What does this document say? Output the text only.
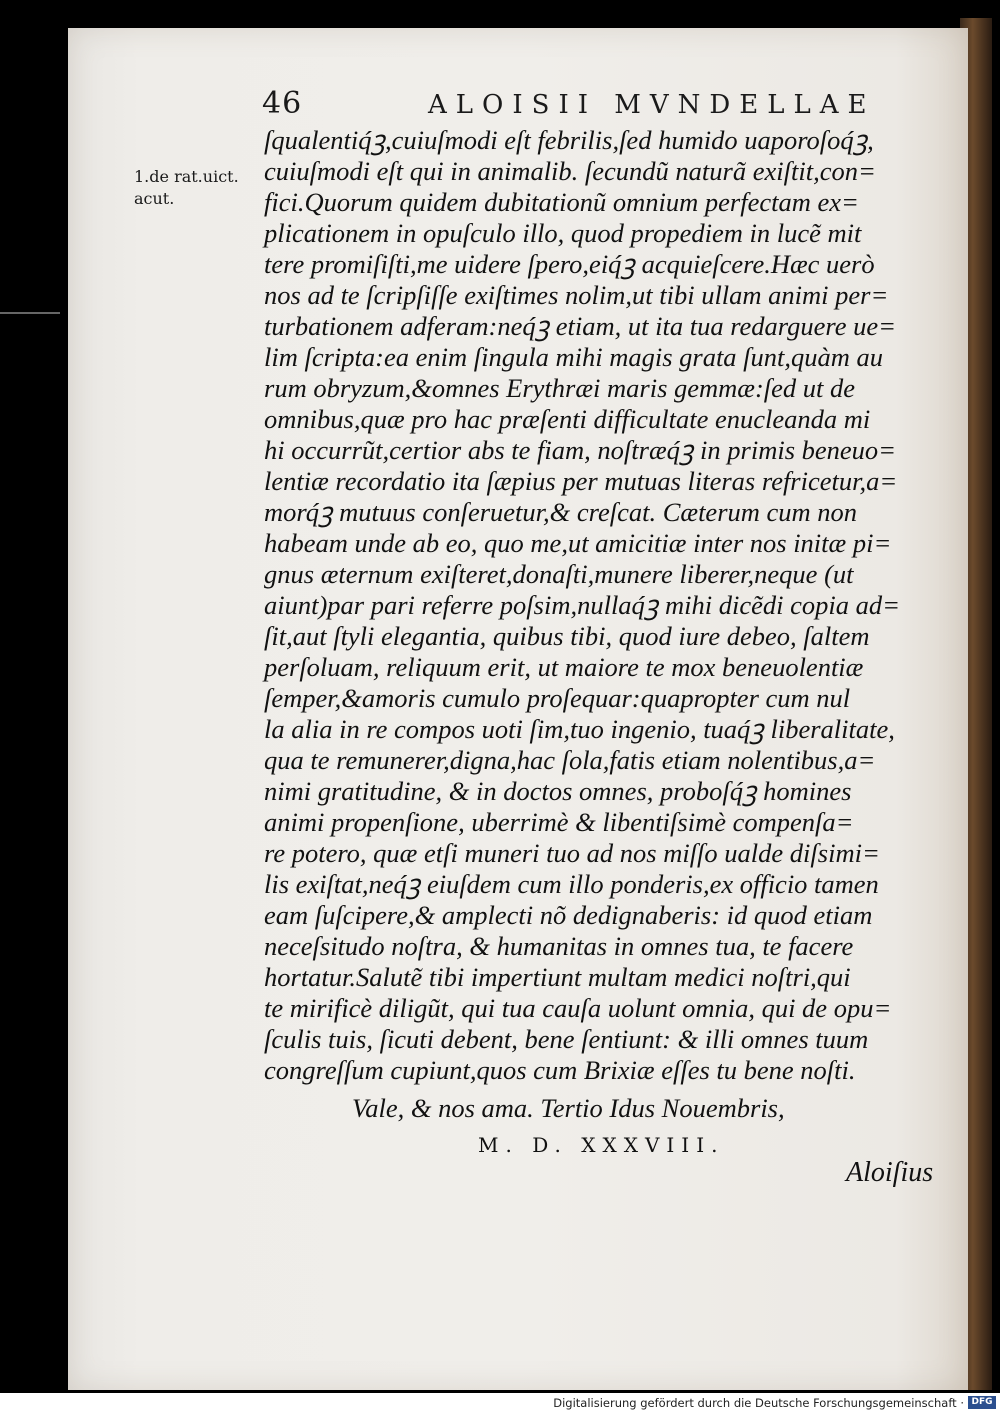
46	ALOISII MVNDELLAE
1.de rat.uict.
acut.
ſqualentiq́ꝫ,cuiuſmodi eſt febrilis,ſed humido uaporoſoq́ꝫ,
cuiuſmodi eſt qui in animalib. ſecundũ naturã exiſtit,con=
fici.Quorum quidem dubitationũ omnium perfectam ex=
plicationem in opuſculo illo, quod propediem in lucẽ mit
tere promiſiſti,me uidere ſpero,eiq́ꝫ acquieſcere.Hæc uerò
nos ad te ſcripſiſſe exiſtimes nolim,ut tibi ullam animi per=
turbationem adferam:neq́ꝫ etiam, ut ita tua redarguere ue=
lim ſcripta:ea enim ſingula mihi magis grata ſunt,quàm au
rum obryzum,&omnes Erythræi maris gemmæ:ſed ut de
omnibus,quæ pro hac præſenti difficultate enucleanda mi
hi occurrũt,certior abs te fiam, noſtræq́ꝫ in primis beneuo=
lentiæ recordatio ita ſæpius per mutuas literas refricetur,a=
morq́ꝫ mutuus conſeruetur,& creſcat. Cæterum cum non
habeam unde ab eo, quo me,ut amicitiæ inter nos initæ pi=
gnus æternum exiſteret,donaſti,munere liberer,neque (ut
aiunt)par pari referre poſsim,nullaq́ꝫ mihi dicẽdi copia ad=
ſit,aut ſtyli elegantia, quibus tibi, quod iure debeo, ſaltem
perſoluam, reliquum erit, ut maiore te mox beneuolentiæ
ſemper,&amoris cumulo proſequar:quapropter cum nul
la alia in re compos uoti ſim,tuo ingenio, tuaq́ꝫ liberalitate,
qua te remunerer,digna,hac ſola,fatis etiam nolentibus,a=
nimi gratitudine, & in doctos omnes, proboſq́ꝫ homines
animi propenſione, uberrimè & libentiſsimè compenſa=
re potero, quæ etſi muneri tuo ad nos miſſo ualde diſsimi=
lis exiſtat,neq́ꝫ eiuſdem cum illo ponderis,ex officio tamen
eam ſuſcipere,& amplecti nõ dedignaberis: id quod etiam
neceſsitudo noſtra, & humanitas in omnes tua, te facere
hortatur.Salutẽ tibi impertiunt multam medici noſtri,qui
te mirificè diligũt, qui tua cauſa uolunt omnia, qui de opu=
ſculis tuis, ſicuti debent, bene ſentiunt: & illi omnes tuum
congreſſum cupiunt,quos cum Brixiæ eſſes tu bene noſti.
Vale, & nos ama. Tertio Idus Nouembris,
M. D. XXXVIII.
Aloiſius
Digitalisierung gefördert durch die Deutsche Forschungsgemeinschaft · DFG
